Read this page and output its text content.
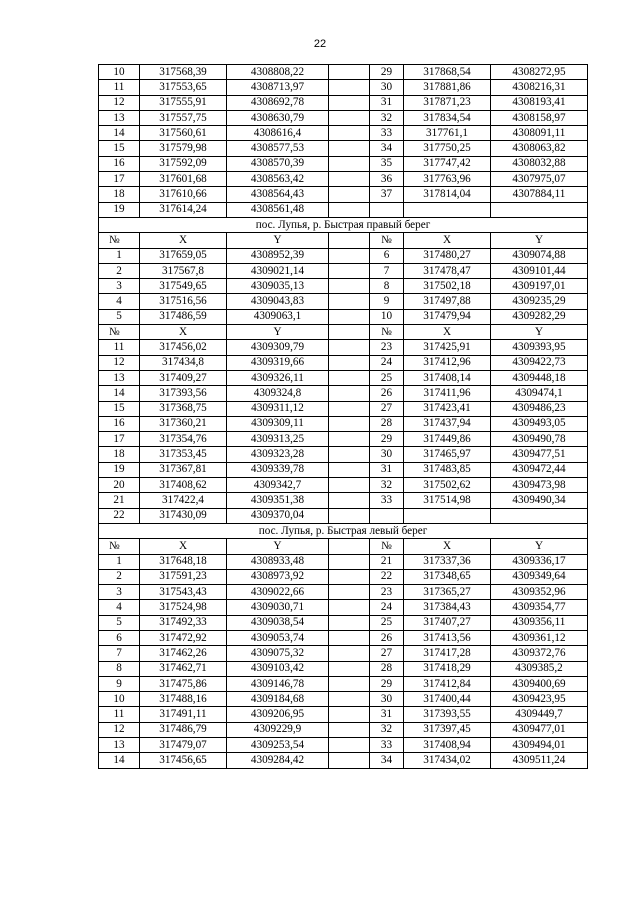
22
10	317568,39	4308808,22		29	317868,54	4308272,95
11	317553,65	4308713,97		30	317881,86	4308216,31
12	317555,91	4308692,78		31	317871,23	4308193,41
13	317557,75	4308630,79		32	317834,54	4308158,97
14	317560,61	4308616,4		33	317761,1	4308091,11
15	317579,98	4308577,53		34	317750,25	4308063,82
16	317592,09	4308570,39		35	317747,42	4308032,88
17	317601,68	4308563,42		36	317763,96	4307975,07
18	317610,66	4308564,43		37	317814,04	4307884,11
19	317614,24	4308561,48				
пос. Лупья, р. Быстрая правый берег						
№	X	Y		№	X	Y
1	317659,05	4308952,39		6	317480,27	4309074,88
2	317567,8	4309021,14		7	317478,47	4309101,44
3	317549,65	4309035,13		8	317502,18	4309197,01
4	317516,56	4309043,83		9	317497,88	4309235,29
5	317486,59	4309063,1		10	317479,94	4309282,29
№	X	Y		№	X	Y
11	317456,02	4309309,79		23	317425,91	4309393,95
12	317434,8	4309319,66		24	317412,96	4309422,73
13	317409,27	4309326,11		25	317408,14	4309448,18
14	317393,56	4309324,8		26	317411,96	4309474,1
15	317368,75	4309311,12		27	317423,41	4309486,23
16	317360,21	4309309,11		28	317437,94	4309493,05
17	317354,76	4309313,25		29	317449,86	4309490,78
18	317353,45	4309323,28		30	317465,97	4309477,51
19	317367,81	4309339,78		31	317483,85	4309472,44
20	317408,62	4309342,7		32	317502,62	4309473,98
21	317422,4	4309351,38		33	317514,98	4309490,34
22	317430,09	4309370,04				
пос. Лупья, р. Быстрая левый берег						
№	X	Y		№	X	Y
1	317648,18	4308933,48		21	317337,36	4309336,17
2	317591,23	4308973,92		22	317348,65	4309349,64
3	317543,43	4309022,66		23	317365,27	4309352,96
4	317524,98	4309030,71		24	317384,43	4309354,77
5	317492,33	4309038,54		25	317407,27	4309356,11
6	317472,92	4309053,74		26	317413,56	4309361,12
7	317462,26	4309075,32		27	317417,28	4309372,76
8	317462,71	4309103,42		28	317418,29	4309385,2
9	317475,86	4309146,78		29	317412,84	4309400,69
10	317488,16	4309184,68		30	317400,44	4309423,95
11	317491,11	4309206,95		31	317393,55	4309449,7
12	317486,79	4309229,9		32	317397,45	4309477,01
13	317479,07	4309253,54		33	317408,94	4309494,01
14	317456,65	4309284,42		34	317434,02	4309511,24
